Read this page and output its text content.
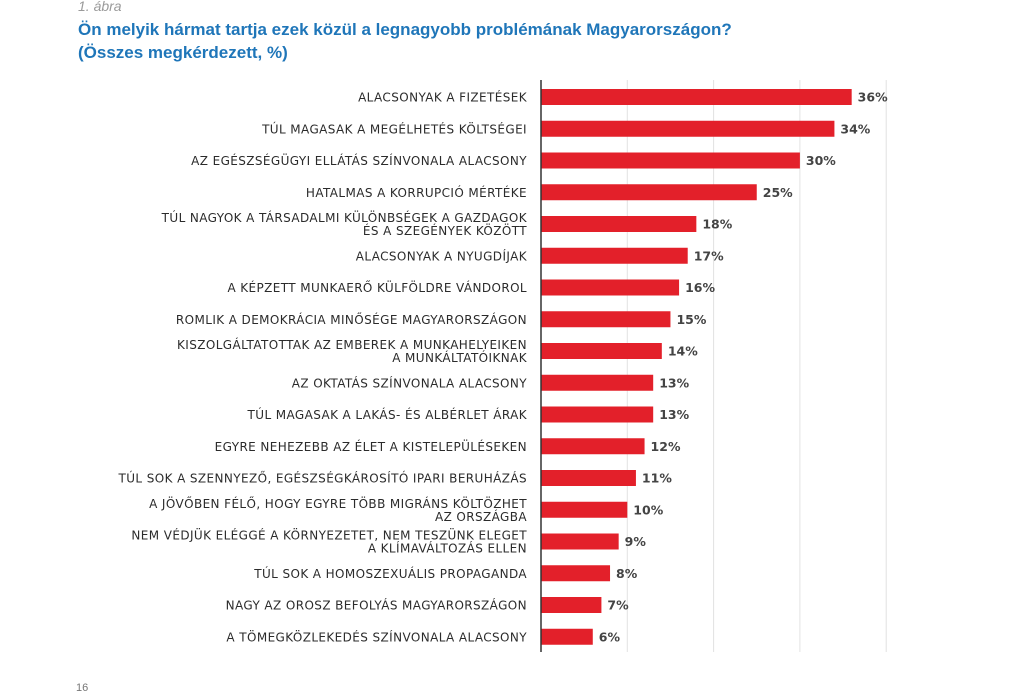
1. ábra
Ön melyik hármat tartja ezek közül a legnagyobb problémának Magyarországon?
(Összes megkérdezett, %)
36%
ALACSONYAK A FIZETÉSEK
34%
TÚL MAGASAK A MEGÉLHETÉS KÖLTSÉGEI
30%
AZ EGÉSZSÉGÜGYI ELLÁTÁS SZÍNVONALA ALACSONY
25%
HATALMAS A KORRUPCIÓ MÉRTÉKE
18%
TÚL NAGYOK A TÁRSADALMI KÜLÖNBSÉGEK A GAZDAGOK
ÉS A SZEGÉNYEK KÖZÖTT
17%
ALACSONYAK A NYUGDÍJAK
16%
A KÉPZETT MUNKAERŐ KÜLFÖLDRE VÁNDOROL
15%
ROMLIK A DEMOKRÁCIA MINŐSÉGE MAGYARORSZÁGON
14%
KISZOLGÁLTATOTTAK AZ EMBEREK A MUNKAHELYEIKEN
A MUNKÁLTATÓIKNAK
13%
AZ OKTATÁS SZÍNVONALA ALACSONY
13%
TÚL MAGASAK A LAKÁS- ÉS ALBÉRLET ÁRAK
12%
EGYRE NEHEZEBB AZ ÉLET A KISTELEPÜLÉSEKEN
11%
TÚL SOK A SZENNYEZŐ, EGÉSZSÉGKÁROSÍTÓ IPARI BERUHÁZÁS
10%
A JÖVŐBEN FÉLŐ, HOGY EGYRE TÖBB MIGRÁNS KÖLTÖZHET
AZ ORSZÁGBA
9%
NEM VÉDJÜK ELÉGGÉ A KÖRNYEZETET, NEM TESZÜNK ELEGET
A KLÍMAVÁLTOZÁS ELLEN
8%
TÚL SOK A HOMOSZEXUÁLIS PROPAGANDA
7%
NAGY AZ OROSZ BEFOLYÁS MAGYARORSZÁGON
6%
A TÖMEGKÖZLEKEDÉS SZÍNVONALA ALACSONY
16
